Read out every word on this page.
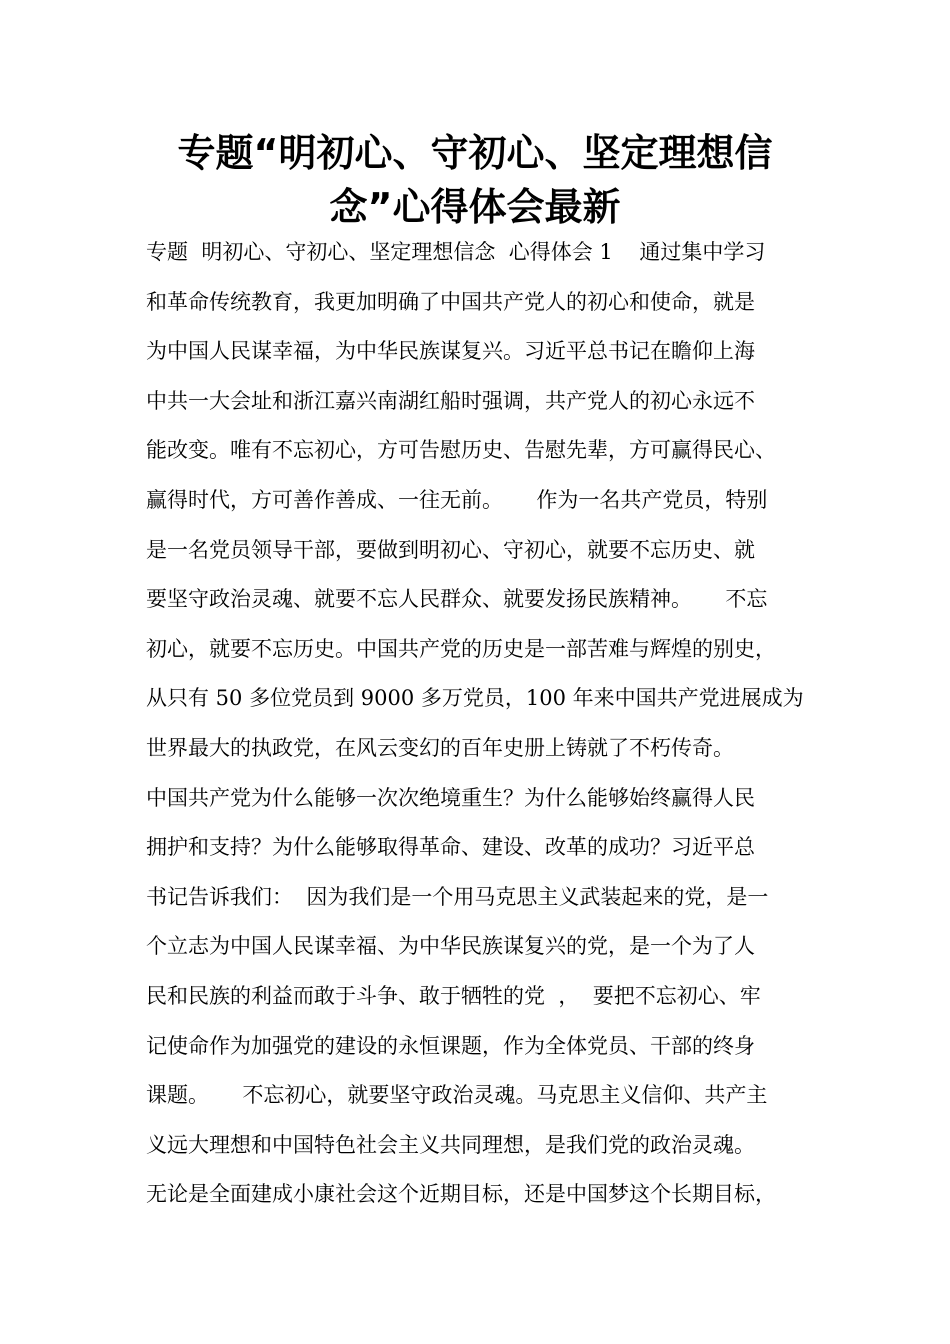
专题“明初心、守初心、坚定理想信
念”心得体会最新
专题  明初心、守初心、坚定理想信念  心得体会 1    通过集中学习
和革命传统教育，我更加明确了中国共产党人的初心和使命，就是
为中国人民谋幸福，为中华民族谋复兴。习近平总书记在瞻仰上海
中共一大会址和浙江嘉兴南湖红船时强调，共产党人的初心永远不
能改变。唯有不忘初心，方可告慰历史、告慰先辈，方可赢得民心、
赢得时代，方可善作善成、一往无前。     作为一名共产党员，特别
是一名党员领导干部，要做到明初心、守初心，就要不忘历史、就
要坚守政治灵魂、就要不忘人民群众、就要发扬民族精神。     不忘
初心，就要不忘历史。中国共产党的历史是一部苦难与辉煌的别史，
从只有 50 多位党员到 9000 多万党员，100 年来中国共产党进展成为
世界最大的执政党，在风云变幻的百年史册上铸就了不朽传奇。
中国共产党为什么能够一次次绝境重生？为什么能够始终赢得人民
拥护和支持？为什么能够取得革命、建设、改革的成功？习近平总
书记告诉我们：  因为我们是一个用马克思主义武装起来的党，是一
个立志为中国人民谋幸福、为中华民族谋复兴的党，是一个为了人
民和民族的利益而敢于斗争、敢于牺牲的党  ，  要把不忘初心、牢
记使命作为加强党的建设的永恒课题，作为全体党员、干部的终身
课题。     不忘初心，就要坚守政治灵魂。马克思主义信仰、共产主
义远大理想和中国特色社会主义共同理想，是我们党的政治灵魂。
无论是全面建成小康社会这个近期目标，还是中国梦这个长期目标，
